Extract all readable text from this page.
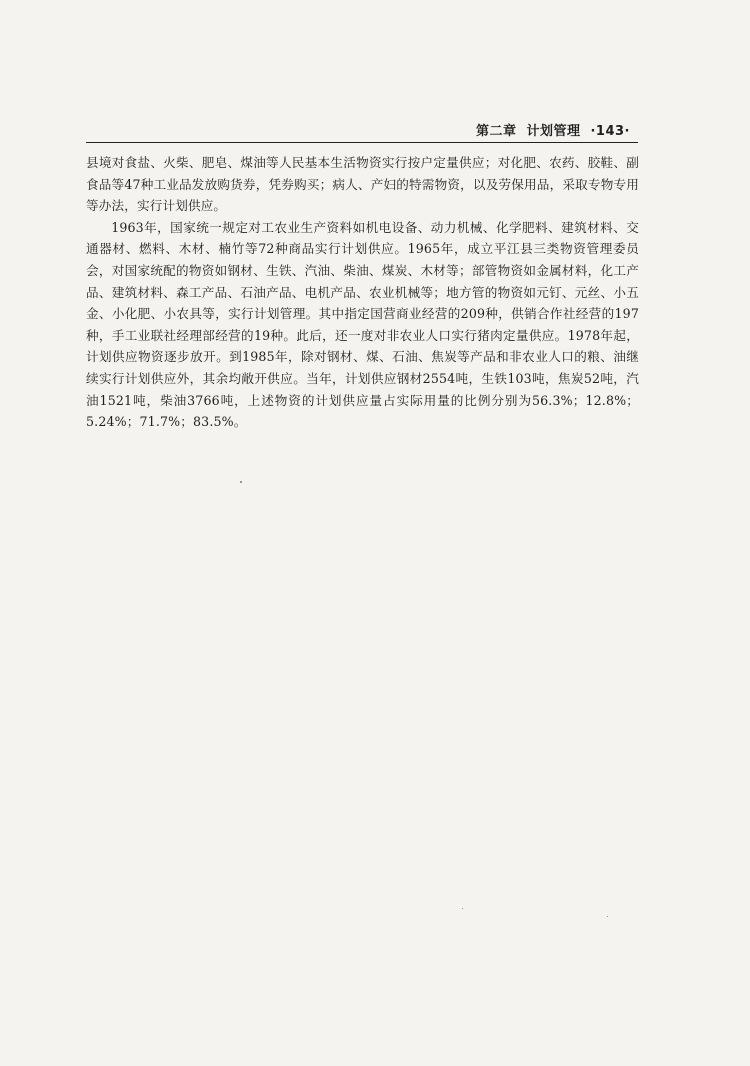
第二章 计划管理 ·143·

县境对食盐、火柴、肥皂、煤油等人民基本生活物资实行按户定量供应；对化肥、农药、胶鞋、副食品等47种工业品发放购货券，凭券购买；病人、产妇的特需物资，以及劳保用品，采取专物专用等办法，实行计划供应。

1963年，国家统一规定对工农业生产资料如机电设备、动力机械、化学肥料、建筑材料、交通器材、燃料、木材、楠竹等72种商品实行计划供应。1965年，成立平江县三类物资管理委员会，对国家统配的物资如钢材、生铁、汽油、柴油、煤炭、木材等；部管物资如金属材料，化工产品、建筑材料、森工产品、石油产品、电机产品、农业机械等；地方管的物资如元钉、元丝、小五金、小化肥、小农具等，实行计划管理。其中指定国营商业经营的209种，供销合作社经营的197种，手工业联社经理部经营的19种。此后，还一度对非农业人口实行猪肉定量供应。1978年起，计划供应物资逐步放开。到1985年，除对钢材、煤、石油、焦炭等产品和非农业人口的粮、油继续实行计划供应外，其余均敞开供应。当年，计划供应钢材2554吨，生铁103吨，焦炭52吨，汽油1521吨，柴油3766吨，上述物资的计划供应量占实际用量的比例分别为56.3%；12.8%；5.24%；71.7%；83.5%。
